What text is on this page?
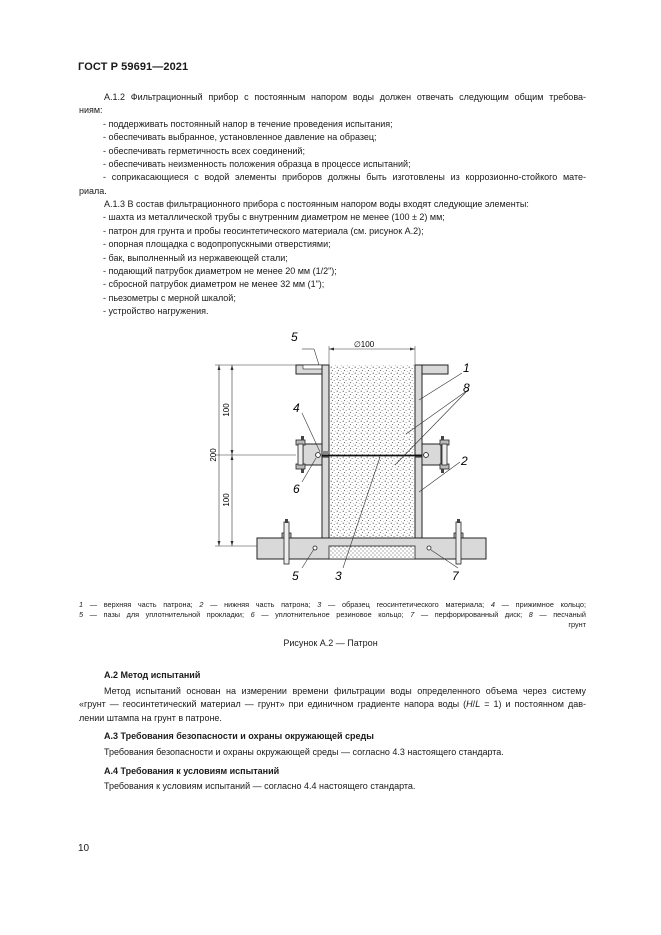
ГОСТ Р 59691—2021
А.1.2 Фильтрационный прибор с постоянным напором воды должен отвечать следующим общим требова-
ниям:
- поддерживать постоянный напор в течение проведения испытания;
- обеспечивать выбранное, установленное давление на образец;
- обеспечивать герметичность всех соединений;
- обеспечивать неизменность положения образца в процессе испытаний;
- соприкасающиеся с водой элементы приборов должны быть изготовлены из коррозионно-стойкого мате-
риала.
А.1.3 В состав фильтрационного прибора с постоянным напором воды входят следующие элементы:
- шахта из металлической трубы с внутренним диаметром не менее (100 ± 2) мм;
- патрон для грунта и пробы геосинтетического материала (см. рисунок А.2);
- опорная площадка с водопропускными отверстиями;
- бак, выполненный из нержавеющей стали;
- подающий патрубок диаметром не менее 20 мм (1/2");
- сбросной патрубок диаметром не менее 32 мм (1");
- пьезометры с мерной шкалой;
- устройство нагружения.
∅100
100
100
200
5
1
8
4
2
6
5	3	7
1 — верхняя часть патрона; 2 — нижняя часть патрона; 3 — образец геосинтетического материала; 4 — прижимное кольцо;
5 — пазы для уплотнительной прокладки; 6 — уплотнительное резиновое кольцо; 7 — перфорированный диск; 8 — песчаный
грунт
Рисунок А.2 — Патрон
А.2 Метод испытаний
Метод испытаний основан на измерении времени фильтрации воды определенного объема через систему
«грунт — геосинтетический материал — грунт» при единичном градиенте напора воды (H/L = 1) и постоянном дав-
лении штампа на грунт в патроне.
А.3 Требования безопасности и охраны окружающей среды
Требования безопасности и охраны окружающей среды — согласно 4.3 настоящего стандарта.
А.4 Требования к условиям испытаний
Требования к условиям испытаний — согласно 4.4 настоящего стандарта.
10
